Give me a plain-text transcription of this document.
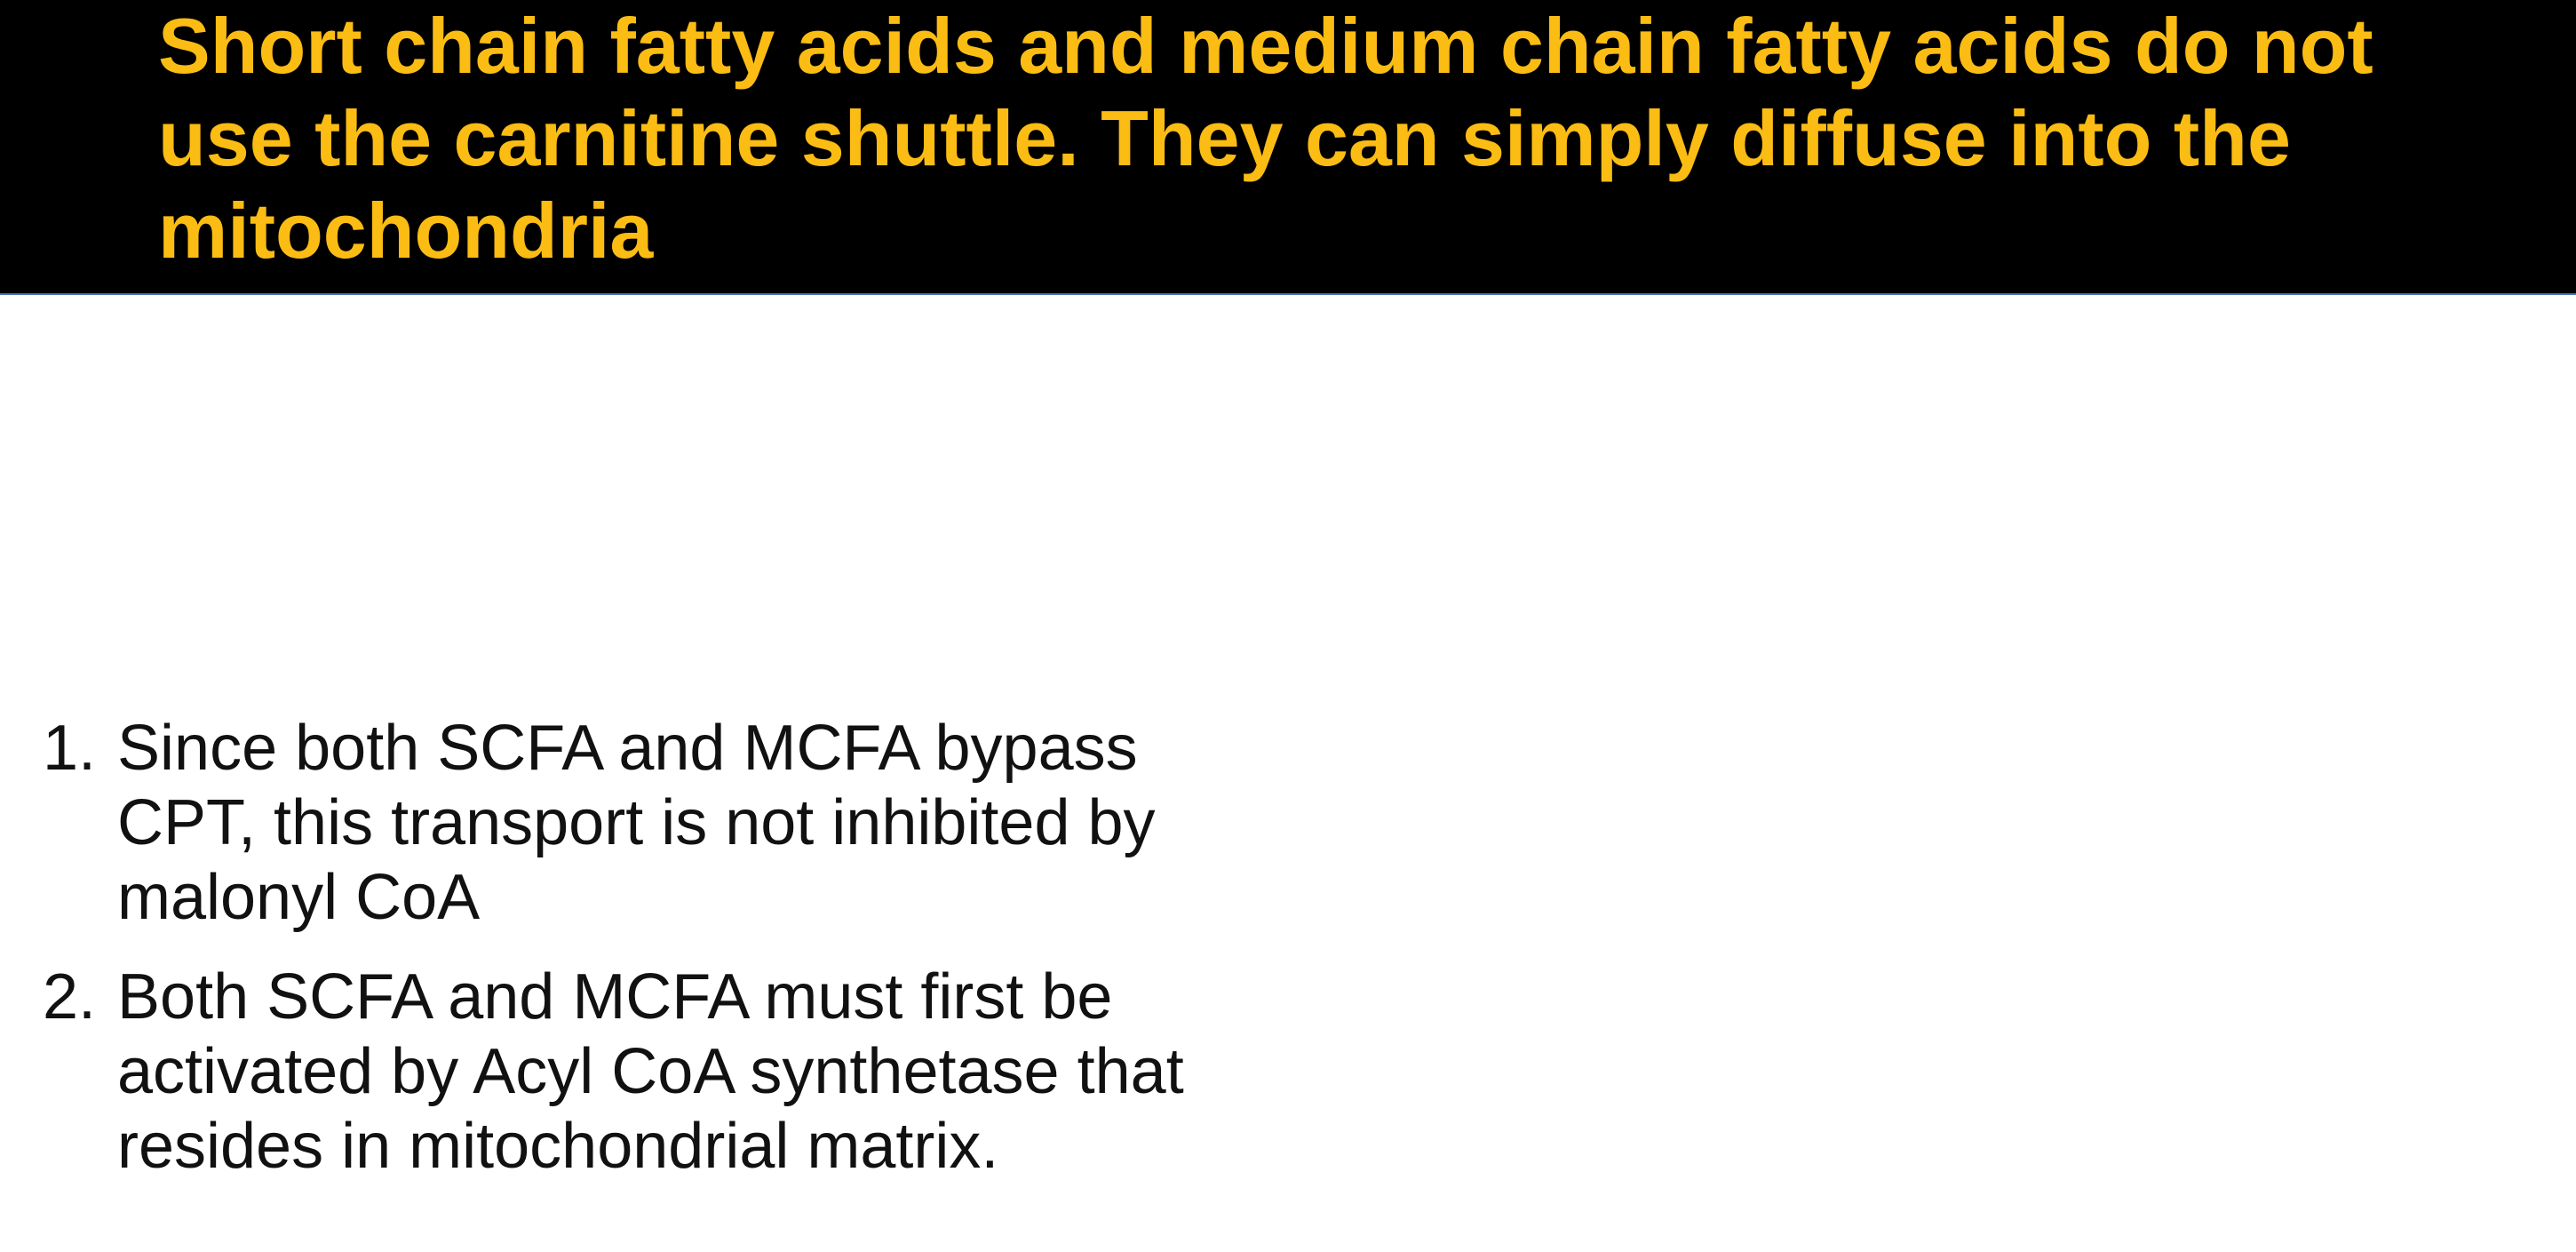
Short chain fatty acids and medium chain fatty acids do not
use the carnitine shuttle. They can simply diffuse into the
mitochondria
1. Since both SCFA and MCFA bypass
CPT, this transport is not inhibited by
malonyl CoA
2. Both SCFA and MCFA must first be
activated by Acyl CoA synthetase that
resides in mitochondrial matrix.
